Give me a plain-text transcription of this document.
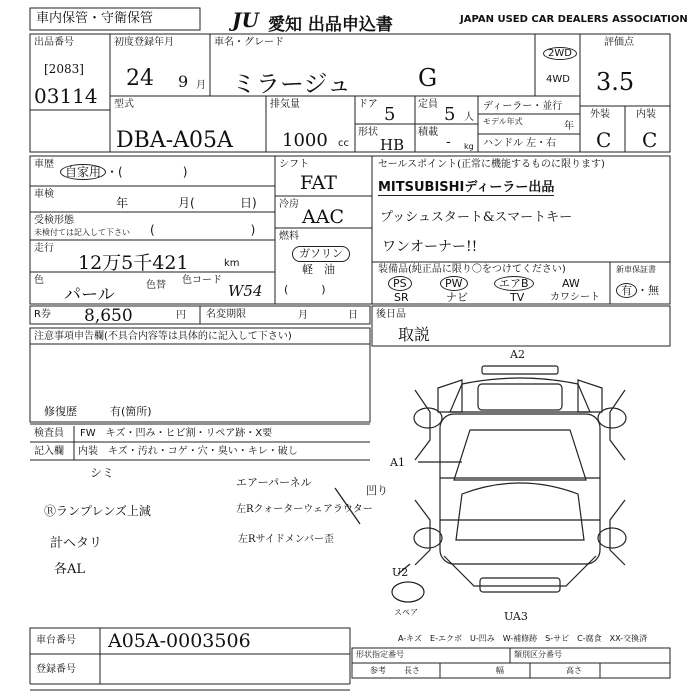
車内保管・守衛保管	JU 愛知 出品申込書	JAPAN USED CAR DEALERS ASSOCIATION
出品番号
[2083]
03114
初度登録年月
24 9 月
車名・グレード
ミラージュ	G
2WD
4WD
評価点
3.5
外装	内装
C C
型式
DBA-A05A
排気量
1000 cc
ドア 5 定員 5 人
形状
HB
積載
- kg
ディーラー・並行
モデル年式	年
ハンドル 左・右
車歴
自家用 ・(　　　　　)
車検
年	月(	日)
受検形態
未検付ては記入して下さい (　　　　　　　　)
走行
12万5千421	km
色
パール	色替 色コード
W54
シフト
FAT
冷房
AAC
燃料
ガソリン
軽　油
(　　　)
セールスポイント(正常に機能するものに限ります)
MITSUBISHIディーラー出品
プッシュスタート&スマートキー
ワンオーナー!!
装備品(純正品に限り〇をつけてください)
PS	PW	エアB	AW
SR	ナビ	TV	カワシート
新車保証書
有 ・無
R券 8,650	円 名変期限	月	日 後日品
取説
注意事項申告欄(不具合内容等は具体的に記入して下さい)
修復歴	有(箇所)
検査員
記入欄
FW　キズ・凹み・ヒビ割・リペア跡・X要
内装　キズ・汚れ・コゲ・穴・臭い・キレ・破し
シミ
Ⓡランプレンズ上減
計ヘタリ
各AL
エアーパーネル
左Rクォーターウェアラウター
左Rサイドメンバー歪
凹り
A1
U2
UA3
A2
スペア
A-キズ　E-エクボ　U-凹み　W-補修跡　S-サビ　C-腐食　XX-交換済
車台番号 A05A-0003506
登録番号
形状指定番号	類別区分番号
参考 長さ	幅	高さ
